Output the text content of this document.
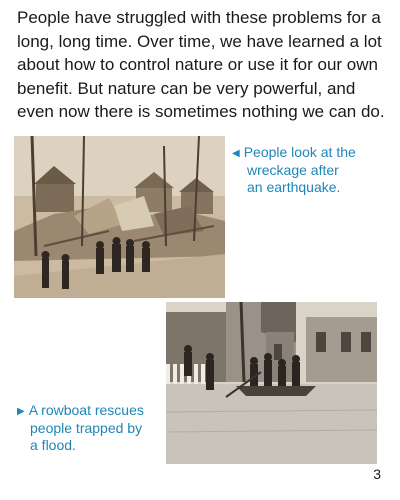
People have struggled with these problems for a long, long time. Over time, we have learned a lot about how to control nature or use it for our own benefit. But nature can be very powerful, and even now there is sometimes nothing we can do.

◀ People look at the
wreckage after
an earthquake.

▶ A rowboat rescues
people trapped by
a flood.

3
